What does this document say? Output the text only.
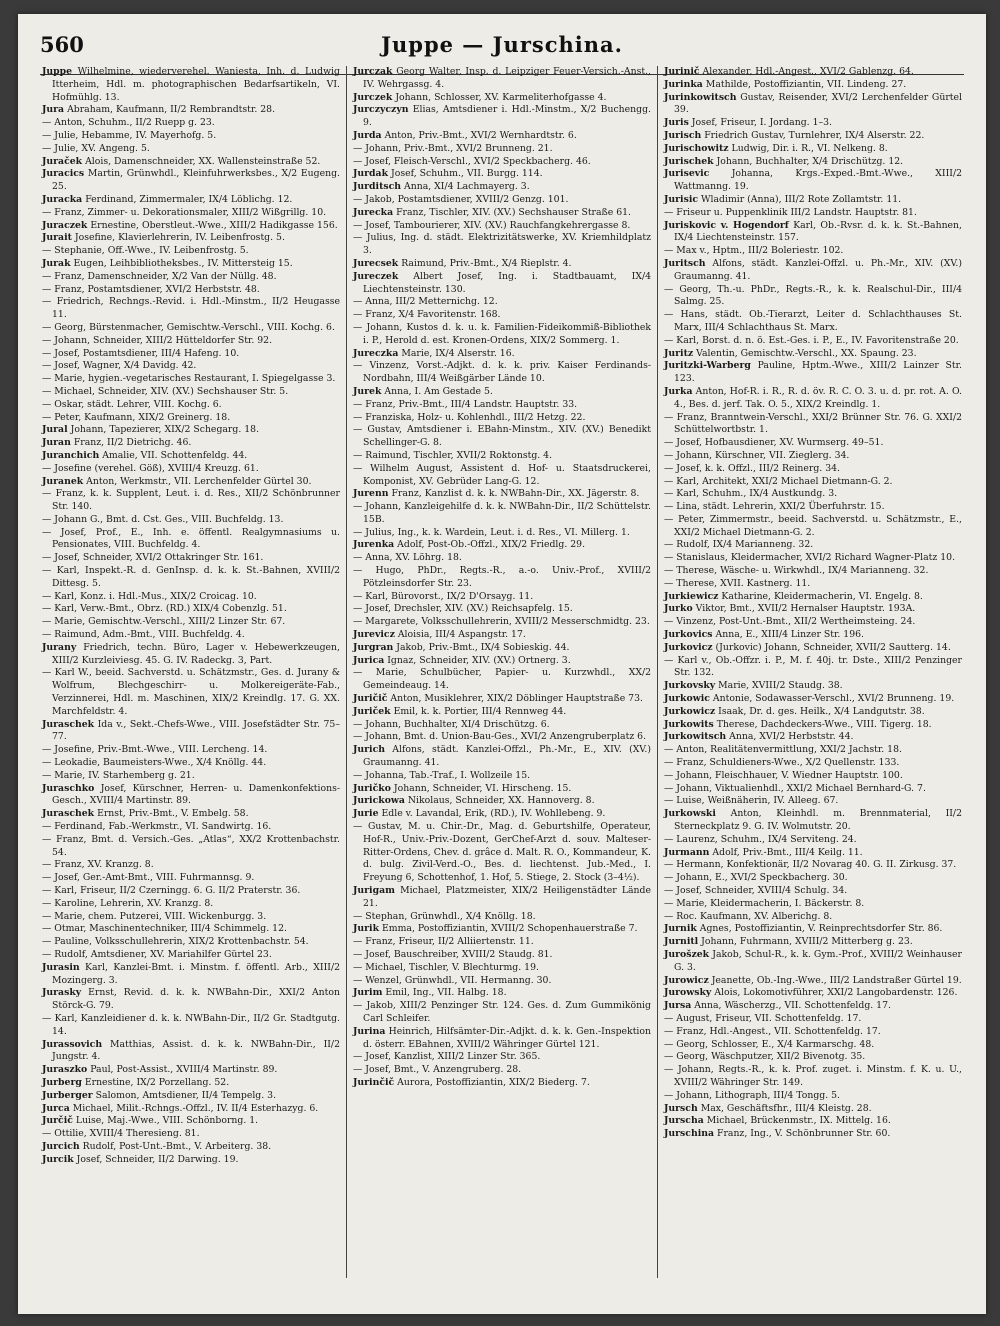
560	Juppe — Jurschina.

Juppe Wilhelmine, wiederverehel. Waniesta, Inh. d. Ludwig Itterheim, Hdl. m. photographischen Bedarfsartikeln, VI. Hofmühlg. 13.

Jura Abraham, Kaufmann, II/2 Rembrandtstr. 28.

— Anton, Schuhm., II/2 Ruepp g. 23.

— Julie, Hebamme, IV. Mayerhofg. 5.

— Julie, XV. Angeng. 5.

Juraček Alois, Damenschneider, XX. Wallensteinstraße 52.

Juracics Martin, Grünwhdl., Kleinfuhrwerksbes., X/2 Eugeng. 25.

Juracka Ferdinand, Zimmermaler, IX/4 Löblichg. 12.

— Franz, Zimmer- u. Dekorationsmaler, XIII/2 Wißgrillg. 10.

Juraczek Ernestine, Oberstleut.-Wwe., XIII/2 Hadikgasse 156.

Jurait Josefine, Klavierlehrerin, IV. Leibenfrostg. 5.

— Stephanie, Off.-Wwe., IV. Leibenfrostg. 5.

Jurak Eugen, Leihbibliotheksbes., IV. Mittersteig 15.

— Franz, Damenschneider, X/2 Van der Nüllg. 48.

— Franz, Postamtsdiener, XVI/2 Herbststr. 48.

— Friedrich, Rechngs.-Revid. i. Hdl.-Minstm., II/2 Heugasse 11.

— Georg, Bürstenmacher, Gemischtw.-Verschl., VIII. Kochg. 6.

— Johann, Schneider, XIII/2 Hütteldorfer Str. 92.

— Josef, Postamtsdiener, III/4 Hafeng. 10.

— Josef, Wagner, X/4 Davidg. 42.

— Marie, hygien.-vegetarisches Restaurant, I. Spiegelgasse 3.

— Michael, Schneider, XIV. (XV.) Sechshauser Str. 5.

— Oskar, städt. Lehrer, VIII. Kochg. 6.

— Peter, Kaufmann, XIX/2 Greinerg. 18.

Jural Johann, Tapezierer, XIX/2 Schegarg. 18.

Juran Franz, II/2 Dietrichg. 46.

Juranchich Amalie, VII. Schottenfeldg. 44.

— Josefine (verehel. Göß), XVIII/4 Kreuzg. 61.

Juranek Anton, Werkmstr., VII. Lerchenfelder Gürtel 30.

— Franz, k. k. Supplent, Leut. i. d. Res., XII/2 Schönbrunner Str. 140.

— Johann G., Bmt. d. Cst. Ges., VIII. Buchfeldg. 13.

— Josef, Prof., E., Inh. e. öffentl. Realgymnasiums u. Pensionates, VIII. Buchfeldg. 4.

— Josef, Schneider, XVI/2 Ottakringer Str. 161.

— Karl, Inspekt.-R. d. GenInsp. d. k. k. St.-Bahnen, XVIII/2 Dittesg. 5.

— Karl, Konz. i. Hdl.-Mus., XIX/2 Croicag. 10.

— Karl, Verw.-Bmt., Obrz. (RD.) XIX/4 Cobenzlg. 51.

— Marie, Gemischtw.-Verschl., XIII/2 Linzer Str. 67.

— Raimund, Adm.-Bmt., VIII. Buchfeldg. 4.

Jurany Friedrich, techn. Büro, Lager v. Hebewerkzeugen, XIII/2 Kurzleiviesg. 45. G. IV. Radeckg. 3, Part.

— Karl W., beeid. Sachverstd. u. Schätzmstr., Ges. d. Jurany & Wolfrum, Blechgeschirr- u. Molkereigeräte-Fab., Verzinnerei, Hdl. m. Maschinen, XIX/2 Kreindlg. 17. G. XX. Marchfeldstr. 4.

Juraschek Ida v., Sekt.-Chefs-Wwe., VIII. Josefstädter Str. 75–77.

— Josefine, Priv.-Bmt.-Wwe., VIII. Lercheng. 14.

— Leokadie, Baumeisters-Wwe., X/4 Knöllg. 44.

— Marie, IV. Starhemberg g. 21.

Juraschko Josef, Kürschner, Herren- u. Damenkonfektions-Gesch., XVIII/4 Martinstr. 89.

Juraschek Ernst, Priv.-Bmt., V. Embelg. 58.

— Ferdinand, Fab.-Werkmstr., VI. Sandwirtg. 16.

— Franz, Bmt. d. Versich.-Ges. „Atlas“, XX/2 Krottenbachstr. 54.

— Franz, XV. Kranzg. 8.

— Josef, Ger.-Amt-Bmt., VIII. Fuhrmannsg. 9.

— Karl, Friseur, II/2 Czerningg. 6. G. II/2 Praterstr. 36.

— Karoline, Lehrerin, XV. Kranzg. 8.

— Marie, chem. Putzerei, VIII. Wickenburgg. 3.

— Otmar, Maschinentechniker, III/4 Schimmelg. 12.

— Pauline, Volksschullehrerin, XIX/2 Krottenbachstr. 54.

— Rudolf, Amtsdiener, XV. Mariahilfer Gürtel 23.

Jurasin Karl, Kanzlei-Bmt. i. Minstm. f. öffentl. Arb., XIII/2 Mozingerg. 3.

Jurasky Ernst, Revid. d. k. k. NWBahn-Dir., XXI/2 Anton Störck-G. 79.

— Karl, Kanzleidiener d. k. k. NWBahn-Dir., II/2 Gr. Stadtgutg. 14.

Jurassovich Matthias, Assist. d. k. k. NWBahn-Dir., II/2 Jungstr. 4.

Juraszko Paul, Post-Assist., XVIII/4 Martinstr. 89.

Jurberg Ernestine, IX/2 Porzellang. 52.

Jurberger Salomon, Amtsdiener, II/4 Tempelg. 3.

Jurca Michael, Milit.-Rchngs.-Offzl., IV. II/4 Esterhazyg. 6.

Jurčič Luise, Maj.-Wwe., VIII. Schönborng. 1.

— Ottilie, XVIII/4 Theresieng. 81.

Jurcich Rudolf, Post-Unt.-Bmt., V. Arbeiterg. 38.

Jurcik Josef, Schneider, II/2 Darwing. 19.

Jurczak Georg Walter, Insp. d. Leipziger Feuer-Versich.-Anst., IV. Wehrgassg. 4.

Jurczek Johann, Schlosser, XV. Karmeliterhofgasse 4.

Jurczyczyn Elias, Amtsdiener i. Hdl.-Minstm., X/2 Buchengg. 9.

Jurda Anton, Priv.-Bmt., XVI/2 Wernhardtstr. 6.

— Johann, Priv.-Bmt., XVI/2 Brunneng. 21.

— Josef, Fleisch-Verschl., XVI/2 Speckbacherg. 46.

Jurdak Josef, Schuhm., VII. Burgg. 114.

Jurditsch Anna, XI/4 Lachmayerg. 3.

— Jakob, Postamtsdiener, XVIII/2 Genzg. 101.

Jurecka Franz, Tischler, XIV. (XV.) Sechshauser Straße 61.

— Josef, Tambourierer, XIV. (XV.) Rauchfangkehrergasse 8.

— Julius, Ing. d. städt. Elektrizitätswerke, XV. Kriemhildplatz 3.

Jurecsek Raimund, Priv.-Bmt., X/4 Rieplstr. 4.

Jureczek Albert Josef, Ing. i. Stadtbauamt, IX/4 Liechtensteinstr. 130.

— Anna, III/2 Metternichg. 12.

— Franz, X/4 Favoritenstr. 168.

— Johann, Kustos d. k. u. k. Familien-Fideikommiß-Bibliothek i. P., Herold d. est. Kronen-Ordens, XIX/2 Sommerg. 1.

Jureczka Marie, IX/4 Alserstr. 16.

— Vinzenz, Vorst.-Adjkt. d. k. k. priv. Kaiser Ferdinands-Nordbahn, III/4 Weißgärber Lände 10.

Jurek Anna, I. Am Gestade 5.

— Franz, Priv.-Bmt., III/4 Landstr. Hauptstr. 33.

— Franziska, Holz- u. Kohlenhdl., III/2 Hetzg. 22.

— Gustav, Amtsdiener i. EBahn-Minstm., XIV. (XV.) Benedikt Schellinger-G. 8.

— Raimund, Tischler, XVII/2 Roktonstg. 4.

— Wilhelm August, Assistent d. Hof- u. Staatsdruckerei, Komponist, XV. Gebrüder Lang-G. 12.

Jurenn Franz, Kanzlist d. k. k. NWBahn-Dir., XX. Jägerstr. 8.

— Johann, Kanzleigehilfe d. k. k. NWBahn-Dir., II/2 Schüttelstr. 15B.

— Julius, Ing., k. k. Wardein, Leut. i. d. Res., VI. Millerg. 1.

Jurenka Adolf, Post-Ob.-Offzl., XIX/2 Friedlg. 29.

— Anna, XV. Löhrg. 18.

— Hugo, PhDr., Regts.-R., a.-o. Univ.-Prof., XVIII/2 Pötzleinsdorfer Str. 23.

— Karl, Bürovorst., IX/2 D'Orsayg. 11.

— Josef, Drechsler, XIV. (XV.) Reichsapfelg. 15.

— Margarete, Volksschullehrerin, XVIII/2 Messerschmidtg. 23.

Jurevicz Aloisia, III/4 Aspangstr. 17.

Jurgran Jakob, Priv.-Bmt., IX/4 Sobieskig. 44.

Jurica Ignaz, Schneider, XIV. (XV.) Ortnerg. 3.

— Marie, Schulbücher, Papier- u. Kurzwhdl., XX/2 Gemeindeaug. 14.

Juričič Anton, Musiklehrer, XIX/2 Döblinger Hauptstraße 73.

Juriček Emil, k. k. Portier, III/4 Rennweg 44.

— Johann, Buchhalter, XI/4 Drischützg. 6.

— Johann, Bmt. d. Union-Bau-Ges., XVI/2 Anzengruberplatz 6.

Jurich Alfons, städt. Kanzlei-Offzl., Ph.-Mr., E., XIV. (XV.) Graumanng. 41.

— Johanna, Tab.-Traf., I. Wollzeile 15.

Juričko Johann, Schneider, VI. Hirscheng. 15.

Jurickowa Nikolaus, Schneider, XX. Hannoverg. 8.

Jurie Edle v. Lavandal, Erik, (RD.), IV. Wohllebeng. 9.

— Gustav, M. u. Chir.-Dr., Mag. d. Geburtshilfe, Operateur, Hof-R., Univ.-Priv.-Dozent, GerChef-Arzt d. souv. Malteser-Ritter-Ordens, Chev. d. grâce d. Malt. R. O., Kommandeur, K. d. bulg. Zivil-Verd.-O., Bes. d. liechtenst. Jub.-Med., I. Freyung 6, Schottenhof, 1. Hof, 5. Stiege, 2. Stock (3–4½).

Jurigam Michael, Platzmeister, XIX/2 Heiligenstädter Lände 21.

— Stephan, Grünwhdl., X/4 Knöllg. 18.

Jurik Emma, Postoffiziantin, XVIII/2 Schopenhauerstraße 7.

— Franz, Friseur, II/2 Alliiertenstr. 11.

— Josef, Bauschreiber, XVIII/2 Staudg. 81.

— Michael, Tischler, V. Blechturmg. 19.

— Wenzel, Grünwhdl., VII. Hermanng. 30.

Jurim Emil, Ing., VII. Halbg. 18.

— Jakob, XIII/2 Penzinger Str. 124. Ges. d. Zum Gummikönig Carl Schleifer.

Jurina Heinrich, Hilfsämter-Dir.-Adjkt. d. k. k. Gen.-Inspektion d. österr. EBahnen, XVIII/2 Währinger Gürtel 121.

— Josef, Kanzlist, XIII/2 Linzer Str. 365.

— Josef, Bmt., V. Anzengruberg. 28.

Jurinčič Aurora, Postoffiziantin, XIX/2 Biederg. 7.

Jurinič Alexander, Hdl.-Angest., XVI/2 Gablenzg. 64.

Jurinka Mathilde, Postoffiziantin, VII. Lindeng. 27.

Jurinkowitsch Gustav, Reisender, XVI/2 Lerchenfelder Gürtel 39.

Juris Josef, Friseur, I. Jordang. 1–3.

Jurisch Friedrich Gustav, Turnlehrer, IX/4 Alserstr. 22.

Jurischowitz Ludwig, Dir. i. R., VI. Nelkeng. 8.

Jurischek Johann, Buchhalter, X/4 Drischützg. 12.

Jurisevic Johanna, Krgs.-Exped.-Bmt.-Wwe., XIII/2 Wattmanng. 19.

Jurisic Wladimir (Anna), III/2 Rote Zollamtstr. 11.

— Friseur u. Puppenklinik III/2 Landstr. Hauptstr. 81.

Juriskovic v. Hogendorf Karl, Ob.-Rvsr. d. k. k. St.-Bahnen, IX/4 Liechtensteinstr. 157.

— Max v., Hptm., III/2 Boleriestr. 102.

Juritsch Alfons, städt. Kanzlei-Offzl. u. Ph.-Mr., XIV. (XV.) Graumanng. 41.

— Georg, Th.-u. PhDr., Regts.-R., k. k. Realschul-Dir., III/4 Salmg. 25.

— Hans, städt. Ob.-Tierarzt, Leiter d. Schlachthauses St. Marx, III/4 Schlachthaus St. Marx.

— Karl, Borst. d. n. ö. Est.-Ges. i. P., E., IV. Favoritenstraße 20.

Juritz Valentin, Gemischtw.-Verschl., XX. Spaung. 23.

Juritzki-Warberg Pauline, Hptm.-Wwe., XIII/2 Lainzer Str. 123.

Jurka Anton, Hof-R. i. R., R. d. öv. R. C. O. 3. u. d. pr. rot. A. O. 4., Bes. d. jerf. Tak. O. 5., XIX/2 Kreindlg. 1.

— Franz, Branntwein-Verschl., XXI/2 Brünner Str. 76. G. XXI/2 Schüttelwortbstr. 1.

— Josef, Hofbausdiener, XV. Wurmserg. 49–51.

— Johann, Kürschner, VII. Zieglerg. 34.

— Josef, k. k. Offzl., III/2 Reinerg. 34.

— Karl, Architekt, XXI/2 Michael Dietmann-G. 2.

— Karl, Schuhm., IX/4 Austkundg. 3.

— Lina, städt. Lehrerin, XXI/2 Überfuhrstr. 15.

— Peter, Zimmermstr., beeid. Sachverstd. u. Schätzmstr., E., XXI/2 Michael Dietmann-G. 2.

— Rudolf, IX/4 Marianneng. 32.

— Stanislaus, Kleidermacher, XVI/2 Richard Wagner-Platz 10.

— Therese, Wäsche- u. Wirkwhdl., IX/4 Marianneng. 32.

— Therese, XVII. Kastnerg. 11.

Jurkiewicz Katharine, Kleidermacherin, VI. Engelg. 8.

Jurko Viktor, Bmt., XVII/2 Hernalser Hauptstr. 193A.

— Vinzenz, Post-Unt.-Bmt., XII/2 Wertheimsteing. 24.

Jurkovics Anna, E., XIII/4 Linzer Str. 196.

Jurkovicz (Jurkovic) Johann, Schneider, XVII/2 Sautterg. 14.

— Karl v., Ob.-Offzr. i. P., M. f. 40j. tr. Dste., XIII/2 Penzinger Str. 132.

Jurkovsky Marie, XVIII/2 Staudg. 38.

Jurkowic Antonie, Sodawasser-Verschl., XVI/2 Brunneng. 19.

Jurkowicz Isaak, Dr. d. ges. Heilk., X/4 Landgutstr. 38.

Jurkowits Therese, Dachdeckers-Wwe., VIII. Tigerg. 18.

Jurkowitsch Anna, XVI/2 Herbststr. 44.

— Anton, Realitätenvermittlung, XXI/2 Jachstr. 18.

— Franz, Schuldieners-Wwe., X/2 Quellenstr. 133.

— Johann, Fleischhauer, V. Wiedner Hauptstr. 100.

— Johann, Viktualienhdl., XXI/2 Michael Bernhard-G. 7.

— Luise, Weißnäherin, IV. Alleeg. 67.

Jurkowski Anton, Kleinhdl. m. Brennmaterial, II/2 Sterneckplatz 9. G. IV. Wolmutstr. 20.

— Laurenz, Schuhm., IX/4 Serviteng. 24.

Jurmann Adolf, Priv.-Bmt., III/4 Keilg. 11.

— Hermann, Konfektionär, II/2 Novarag 40. G. II. Zirkusg. 37.

— Johann, E., XVI/2 Speckbacherg. 30.

— Josef, Schneider, XVIII/4 Schulg. 34.

— Marie, Kleidermacherin, I. Bäckerstr. 8.

— Roc. Kaufmann, XV. Alberichg. 8.

Jurnik Agnes, Postoffiziantin, V. Reinprechtsdorfer Str. 86.

Jurnitl Johann, Fuhrmann, XVIII/2 Mitterberg g. 23.

Jurošzek Jakob, Schul-R., k. k. Gym.-Prof., XVIII/2 Weinhauser G. 3.

Jurowicz Jeanette, Ob.-Ing.-Wwe., III/2 Landstraßer Gürtel 19.

Jurowsky Alois, Lokomotivführer, XXI/2 Langobardenstr. 126.

Jursa Anna, Wäscherzg., VII. Schottenfeldg. 17.

— August, Friseur, VII. Schottenfeldg. 17.

— Franz, Hdl.-Angest., VII. Schottenfeldg. 17.

— Georg, Schlosser, E., X/4 Karmarschg. 48.

— Georg, Wäschputzer, XII/2 Bivenotg. 35.

— Johann, Regts.-R., k. k. Prof. zuget. i. Minstm. f. K. u. U., XVIII/2 Währinger Str. 149.

— Johann, Lithograph, III/4 Tongg. 5.

Jursch Max, Geschäftsfhr., III/4 Kleistg. 28.

Jurscha Michael, Brückenmstr., IX. Mittelg. 16.

Jurschina Franz, Ing., V. Schönbrunner Str. 60.
